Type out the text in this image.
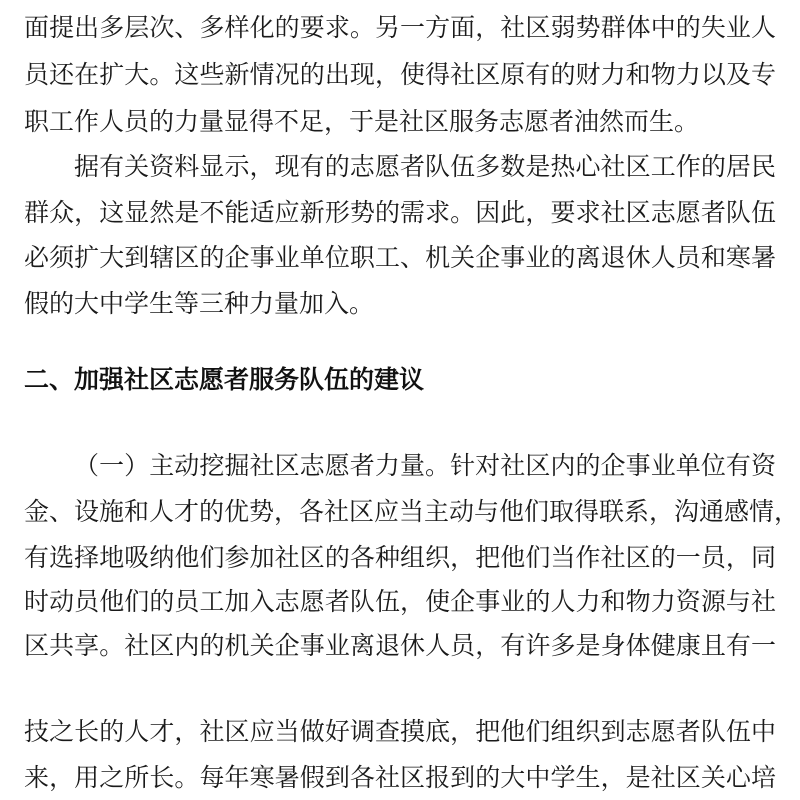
面提出多层次、多样化的要求。另一方面，社区弱势群体中的失业人
员还在扩大。这些新情况的出现，使得社区原有的财力和物力以及专
职工作人员的力量显得不足，于是社区服务志愿者油然而生。
据有关资料显示，现有的志愿者队伍多数是热心社区工作的居民
群众，这显然是不能适应新形势的需求。因此，要求社区志愿者队伍
必须扩大到辖区的企事业单位职工、机关企事业的离退休人员和寒暑
假的大中学生等三种力量加入。
二、加强社区志愿者服务队伍的建议
（一）主动挖掘社区志愿者力量。针对社区内的企事业单位有资
金、设施和人才的优势，各社区应当主动与他们取得联系，沟通感情，
有选择地吸纳他们参加社区的各种组织，把他们当作社区的一员，同
时动员他们的员工加入志愿者队伍，使企事业的人力和物力资源与社
区共享。社区内的机关企事业离退休人员，有许多是身体健康且有一
技之长的人才，社区应当做好调查摸底，把他们组织到志愿者队伍中
来，用之所长。每年寒暑假到各社区报到的大中学生，是社区关心培
